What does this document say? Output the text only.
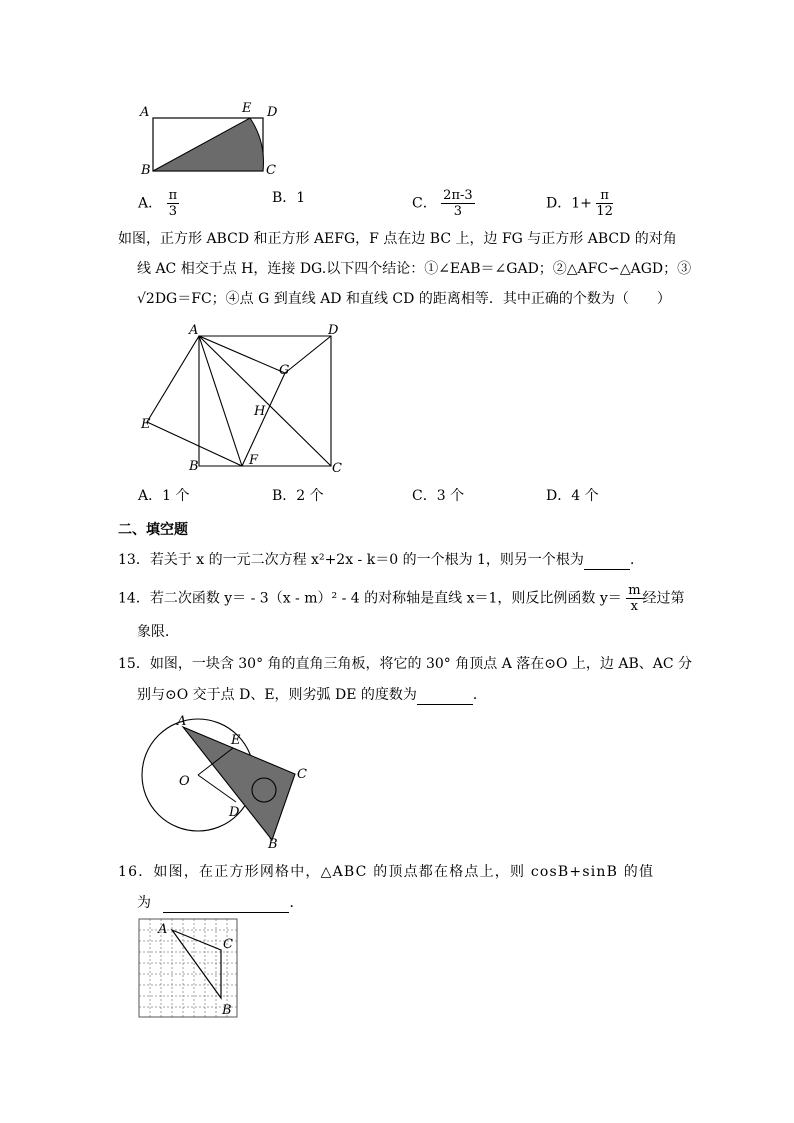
A	E D
B	C
A． $\frac{\pi}{3}$	B．1	C． $\frac{2\pi-3}{3}$	D．$1+ \frac{\pi}{12}$
如图，正方形 ABCD 和正方形 AEFG，F 点在边 BC 上，边 FG 与正方形 ABCD 的对角
线 AC 相交于点 H，连接 DG.以下四个结论：①∠EAB＝∠GAD；②△AFC∽△AGD；③
√2DG＝FC；④点 G 到直线 AD 和直线 CD 的距离相等．其中正确的个数为（　　）
A	D
G
H
E
B	F
C
A．1 个	B．2 个	C．3 个	D．4 个
二、填空题
13．若关于 x 的一元二次方程 x²+2x - k＝0 的一个根为 1，则另一个根为	．
14．若二次函数 y＝ - 3（x - m）² - 4 的对称轴是直线 x＝1，则反比例函数 $y= \frac{m}{x}$ 经过第
象限．
15．如图，一块含 30° 角的直角三角板，将它的 30° 角顶点 A 落在⊙O 上，边 AB、AC 分
别与⊙O 交于点 D、E，则劣弧 DE 的度数为	．
A
E
O	C
D
B
16．如图，在正方形网格中，△ABC 的顶点都在格点上，则 cosB+sinB 的值
为	．
A
C
B
